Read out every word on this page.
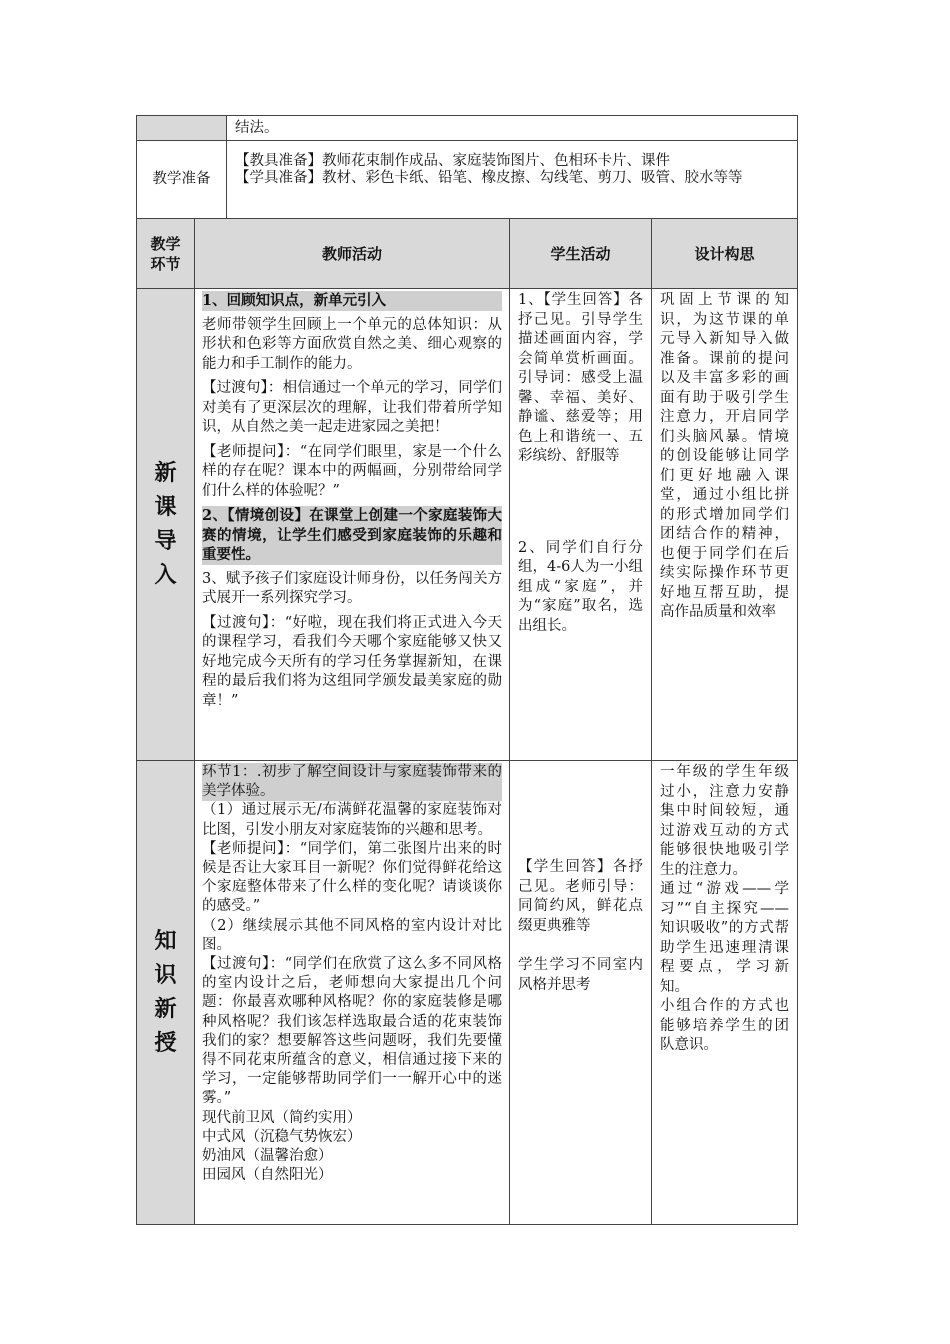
结法。
教学准备

【教具准备】教师花束制作成品、家庭装饰图片、色相环卡片、课件

【学具准备】教材、彩色卡纸、铅笔、橡皮擦、勾线笔、剪刀、吸管、胶水等等

教学环节
教师活动	学生活动	设计构思
新课导入

1、回顾知识点，新单元引入

老师带领学生回顾上一个单元的总体知识：从形状和色彩等方面欣赏自然之美、细心观察的能力和手工制作的能力。

【过渡句】：相信通过一个单元的学习，同学们对美有了更深层次的理解，让我们带着所学知识，从自然之美一起走进家园之美把！

【老师提问】：“在同学们眼里，家是一个什么样的存在呢？课本中的两幅画，分别带给同学们什么样的体验呢？”

2、【情境创设】在课堂上创建一个家庭装饰大赛的情境，让学生们感受到家庭装饰的乐趣和重要性。

3、赋予孩子们家庭设计师身份，以任务闯关方式展开一系列探究学习。

【过渡句】：“好啦，现在我们将正式进入今天的课程学习，看我们今天哪个家庭能够又快又好地完成今天所有的学习任务掌握新知，在课程的最后我们将为这组同学颁发最美家庭的勋章！”

1、【学生回答】各抒己见。引导学生描述画面内容，学会简单赏析画面。引导词：感受上温馨、幸福、美好、静谧、慈爱等；用色上和谐统一、五彩缤纷、舒服等

2、同学们自行分组，4-6人为一小组组成“家庭”，并为“家庭”取名，选出组长。

巩固上节课的知识，为这节课的单元导入新知导入做准备。课前的提问以及丰富多彩的画面有助于吸引学生注意力，开启同学们头脑风暴。情境的创设能够让同学们更好地融入课堂，通过小组比拼的形式增加同学们团结合作的精神，也便于同学们在后续实际操作环节更好地互帮互助，提高作品质量和效率

知识新授

环节1：.初步了解空间设计与家庭装饰带来的美学体验。

（1）通过展示无/布满鲜花温馨的家庭装饰对比图，引发小朋友对家庭装饰的兴趣和思考。

【老师提问】：“同学们，第二张图片出来的时候是否让大家耳目一新呢？你们觉得鲜花给这个家庭整体带来了什么样的变化呢？请谈谈你的感受。”

（2）继续展示其他不同风格的室内设计对比图。

【过渡句】：“同学们在欣赏了这么多不同风格的室内设计之后，老师想向大家提出几个问题：你最喜欢哪种风格呢？你的家庭装修是哪种风格呢？我们该怎样选取最合适的花束装饰我们的家？想要解答这些问题呀，我们先要懂得不同花束所蕴含的意义，相信通过接下来的学习，一定能够帮助同学们一一解开心中的迷雾。”

现代前卫风（简约实用）

中式风（沉稳气势恢宏）

奶油风（温馨治愈）

田园风（自然阳光）

【学生回答】各抒己见。老师引导：同简约风，鲜花点缀更典雅等

学生学习不同室内风格并思考

一年级的学生年级过小，注意力安静集中时间较短，通过游戏互动的方式能够很快地吸引学生的注意力。

通过“游戏——学习”“自主探究——知识吸收”的方式帮助学生迅速理清课程要点，学习新知。

小组合作的方式也能够培养学生的团队意识。
